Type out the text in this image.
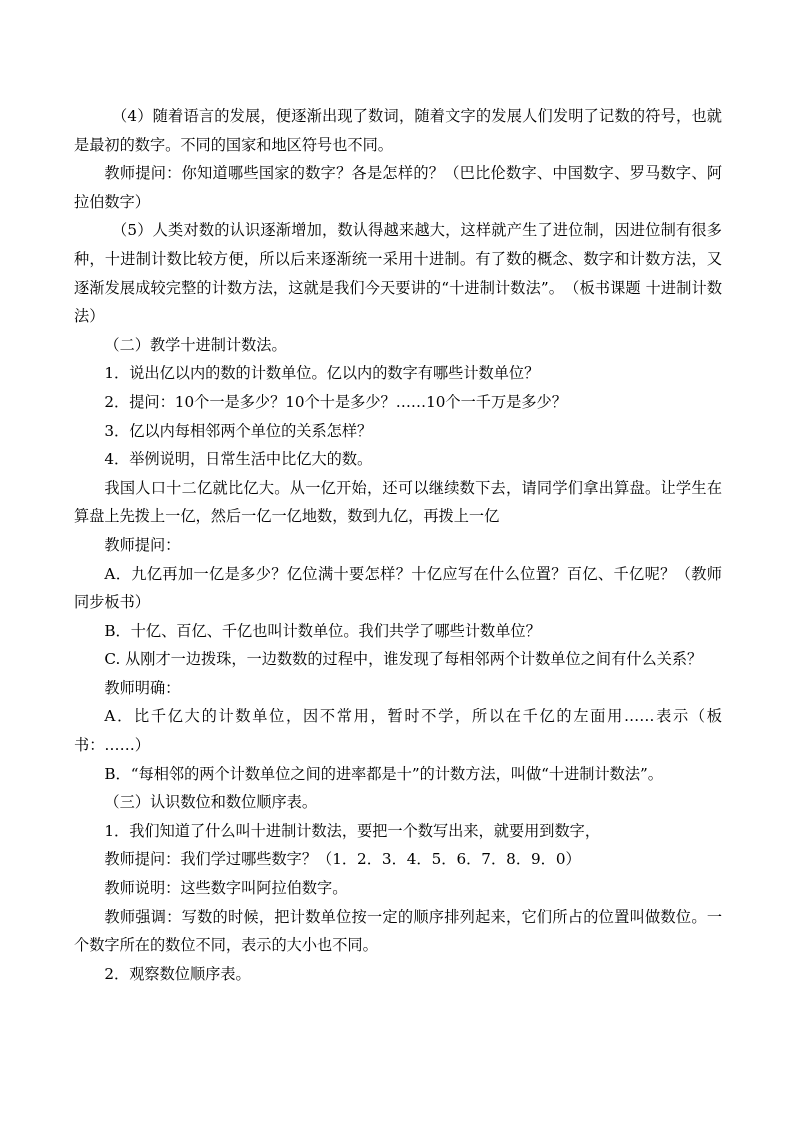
（4）随着语言的发展，便逐渐出现了数词，随着文字的发展人们发明了记数的符号，也就是最初的数字。不同的国家和地区符号也不同。

教师提问：你知道哪些国家的数字？各是怎样的？（巴比伦数字、中国数字、罗马数字、阿拉伯数字）

（5）人类对数的认识逐渐增加，数认得越来越大，这样就产生了进位制，因进位制有很多种，十进制计数比较方便，所以后来逐渐统一采用十进制。有了数的概念、数字和计数方法，又逐渐发展成较完整的计数方法，这就是我们今天要讲的“十进制计数法”。　（板书课题 十进制计数法）

（二）教学十进制计数法。

1．说出亿以内的数的计数单位。亿以内的数字有哪些计数单位？

2．提问：10个一是多少？10个十是多少？……10个一千万是多少？

3．亿以内每相邻两个单位的关系怎样？

4．举例说明，日常生活中比亿大的数。

我国人口十二亿就比亿大。从一亿开始，还可以继续数下去，请同学们拿出算盘。让学生在算盘上先拨上一亿，然后一亿一亿地数，数到九亿，再拨上一亿

教师提问：

A．九亿再加一亿是多少？亿位满十要怎样？十亿应写在什么位置？百亿、千亿呢？（教师同步板书）

B．十亿、百亿、千亿也叫计数单位。我们共学了哪些计数单位？

C. 从刚才一边拨珠，一边数数的过程中，谁发现了每相邻两个计数单位之间有什么关系？

教师明确：

A．比千亿大的计数单位，因不常用，暂时不学，所以在千亿的左面用……表示（板书：……）

B．“每相邻的两个计数单位之间的进率都是十”的计数方法，叫做“十进制计数法”。

（三）认识数位和数位顺序表。

1．我们知道了什么叫十进制计数法，要把一个数写出来，就要用到数字，

教师提问：我们学过哪些数字？（1．2．3．4．5．6．7．8．9．0）

教师说明：这些数字叫阿拉伯数字。

教师强调：写数的时候，把计数单位按一定的顺序排列起来，它们所占的位置叫做数位。一个数字所在的数位不同，表示的大小也不同。

2．观察数位顺序表。
